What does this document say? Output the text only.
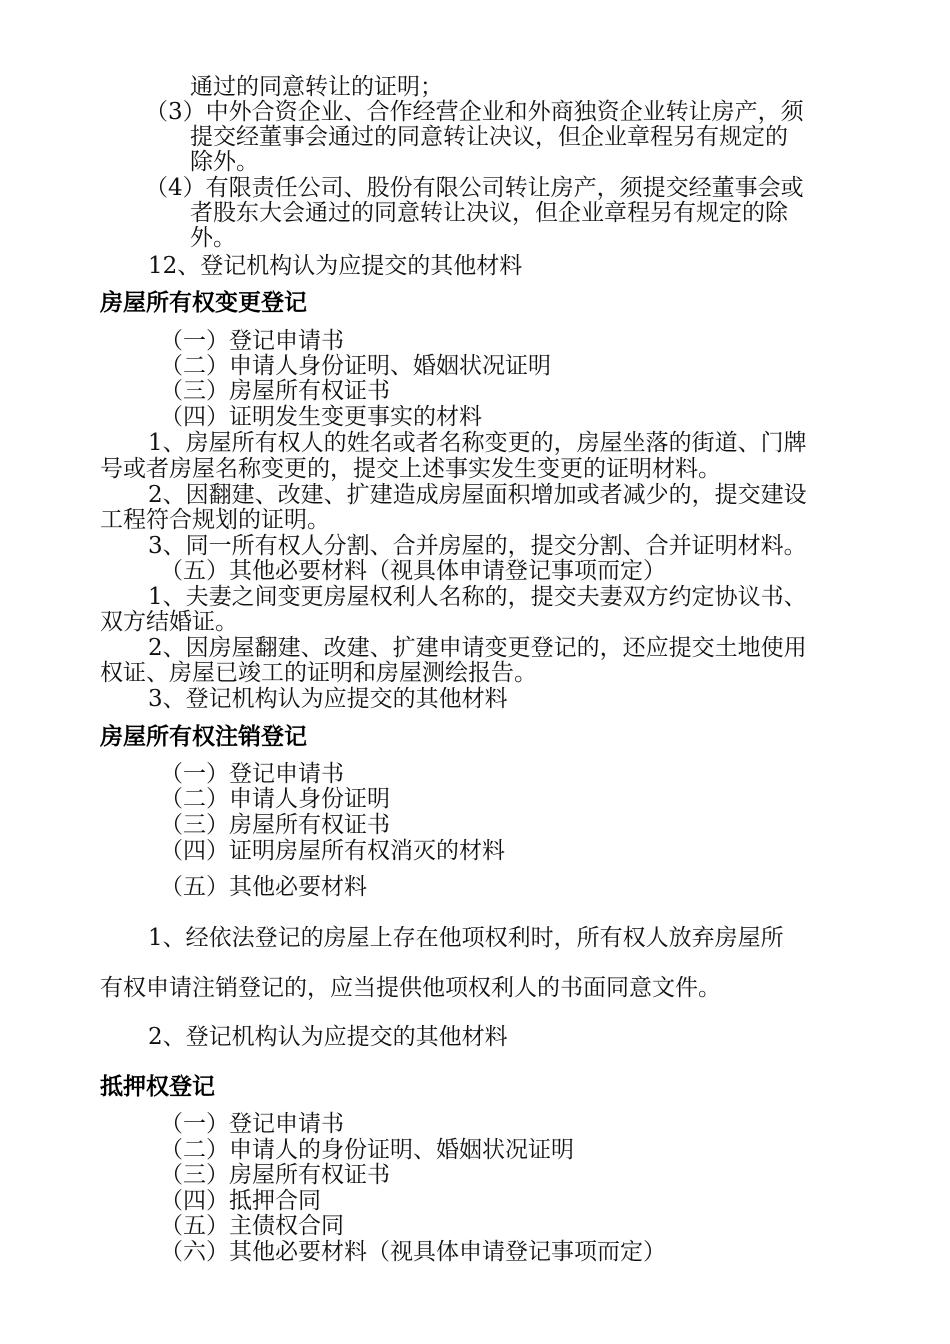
通过的同意转让的证明；
（3）中外合资企业、合作经营企业和外商独资企业转让房产，须
提交经董事会通过的同意转让决议，但企业章程另有规定的
除外。
（4）有限责任公司、股份有限公司转让房产，须提交经董事会或
者股东大会通过的同意转让决议，但企业章程另有规定的除
外。
12、登记机构认为应提交的其他材料
房屋所有权变更登记
（一）登记申请书
（二）申请人身份证明、婚姻状况证明
（三）房屋所有权证书
（四）证明发生变更事实的材料
1、房屋所有权人的姓名或者名称变更的，房屋坐落的街道、门牌
号或者房屋名称变更的，提交上述事实发生变更的证明材料。
2、因翻建、改建、扩建造成房屋面积增加或者减少的，提交建设
工程符合规划的证明。
3、同一所有权人分割、合并房屋的，提交分割、合并证明材料。
（五）其他必要材料（视具体申请登记事项而定）
1、夫妻之间变更房屋权利人名称的，提交夫妻双方约定协议书、
双方结婚证。
2、因房屋翻建、改建、扩建申请变更登记的，还应提交土地使用
权证、房屋已竣工的证明和房屋测绘报告。
3、登记机构认为应提交的其他材料
房屋所有权注销登记
（一）登记申请书
（二）申请人身份证明
（三）房屋所有权证书
（四）证明房屋所有权消灭的材料
（五）其他必要材料
1、经依法登记的房屋上存在他项权利时，所有权人放弃房屋所
有权申请注销登记的，应当提供他项权利人的书面同意文件。
2、登记机构认为应提交的其他材料
抵押权登记
（一）登记申请书
（二）申请人的身份证明、婚姻状况证明
（三）房屋所有权证书
（四）抵押合同
（五）主债权合同
（六）其他必要材料（视具体申请登记事项而定）
